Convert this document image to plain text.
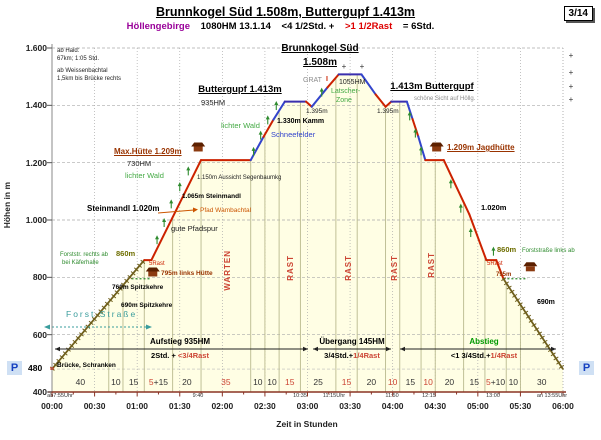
+ +
+
+
+
+
Brunnkogel Süd 1.508m, Buttergupf 1.413m
Höllengebirge 1080HM 13.1.14 <4 1/2Std. + >1 1/2Rast = 6Std.
3/14
Höhen in m
Zeit in Stunden
P	480	P
1.600
1.400
1.200
1.000
800
600
400
00:00 00:30 01:00 01:30 02:00 02:30 03:00 03:30 04:00 04:30 05:00 05:30 06:00
ab7:55Uhr	9:40	10:35	11:15Uhr	11:50	12:15	13:00	an 13:55Uhr
40	10 15 5+15 20	35	10 10 15 25 15 20 10 15 10 20 15 5+10 10 30
Aufstieg 935HM
2Std. + <3/4Rast
Übergang 145HM
3/4Std.+1/4Rast
Abstieg
<1 3/4Std.+1/4Rast
ab Haid:
67km; 1:05 Std.
ab Weissenbachtal
1,5km bis Brücke rechts
Brunnkogel Süd
1.508m
GRAT I 1055HM
Latscher-
Zone
Buttergupf 1.413m
935HM
1.413m Buttergupf
schöne Sicht auf Höllg.
1.395m	1.395m
1.330m Kamm
Schneefelder
lichter Wald
lichter Wald
Max.Hütte 1.209m
730HM
1.150m Aussicht Segenbaumkg
1.065m Steinmandl
Steinmandl 1.020m	Pfad Wambachtal
gute Pfadspur
Forststr. rechts ab 860m
bei Käferhalle	5Rast
795m links Hütte
760m Spitzkehre
690m Spitzkehre
Forst Straße
Brücke, Schranken
WARTEN	RAST	RAST	RAST	RAST
1.209m Jagdhütte
1.020m
860m Forststraße links ab
5Rast
795m
690m
